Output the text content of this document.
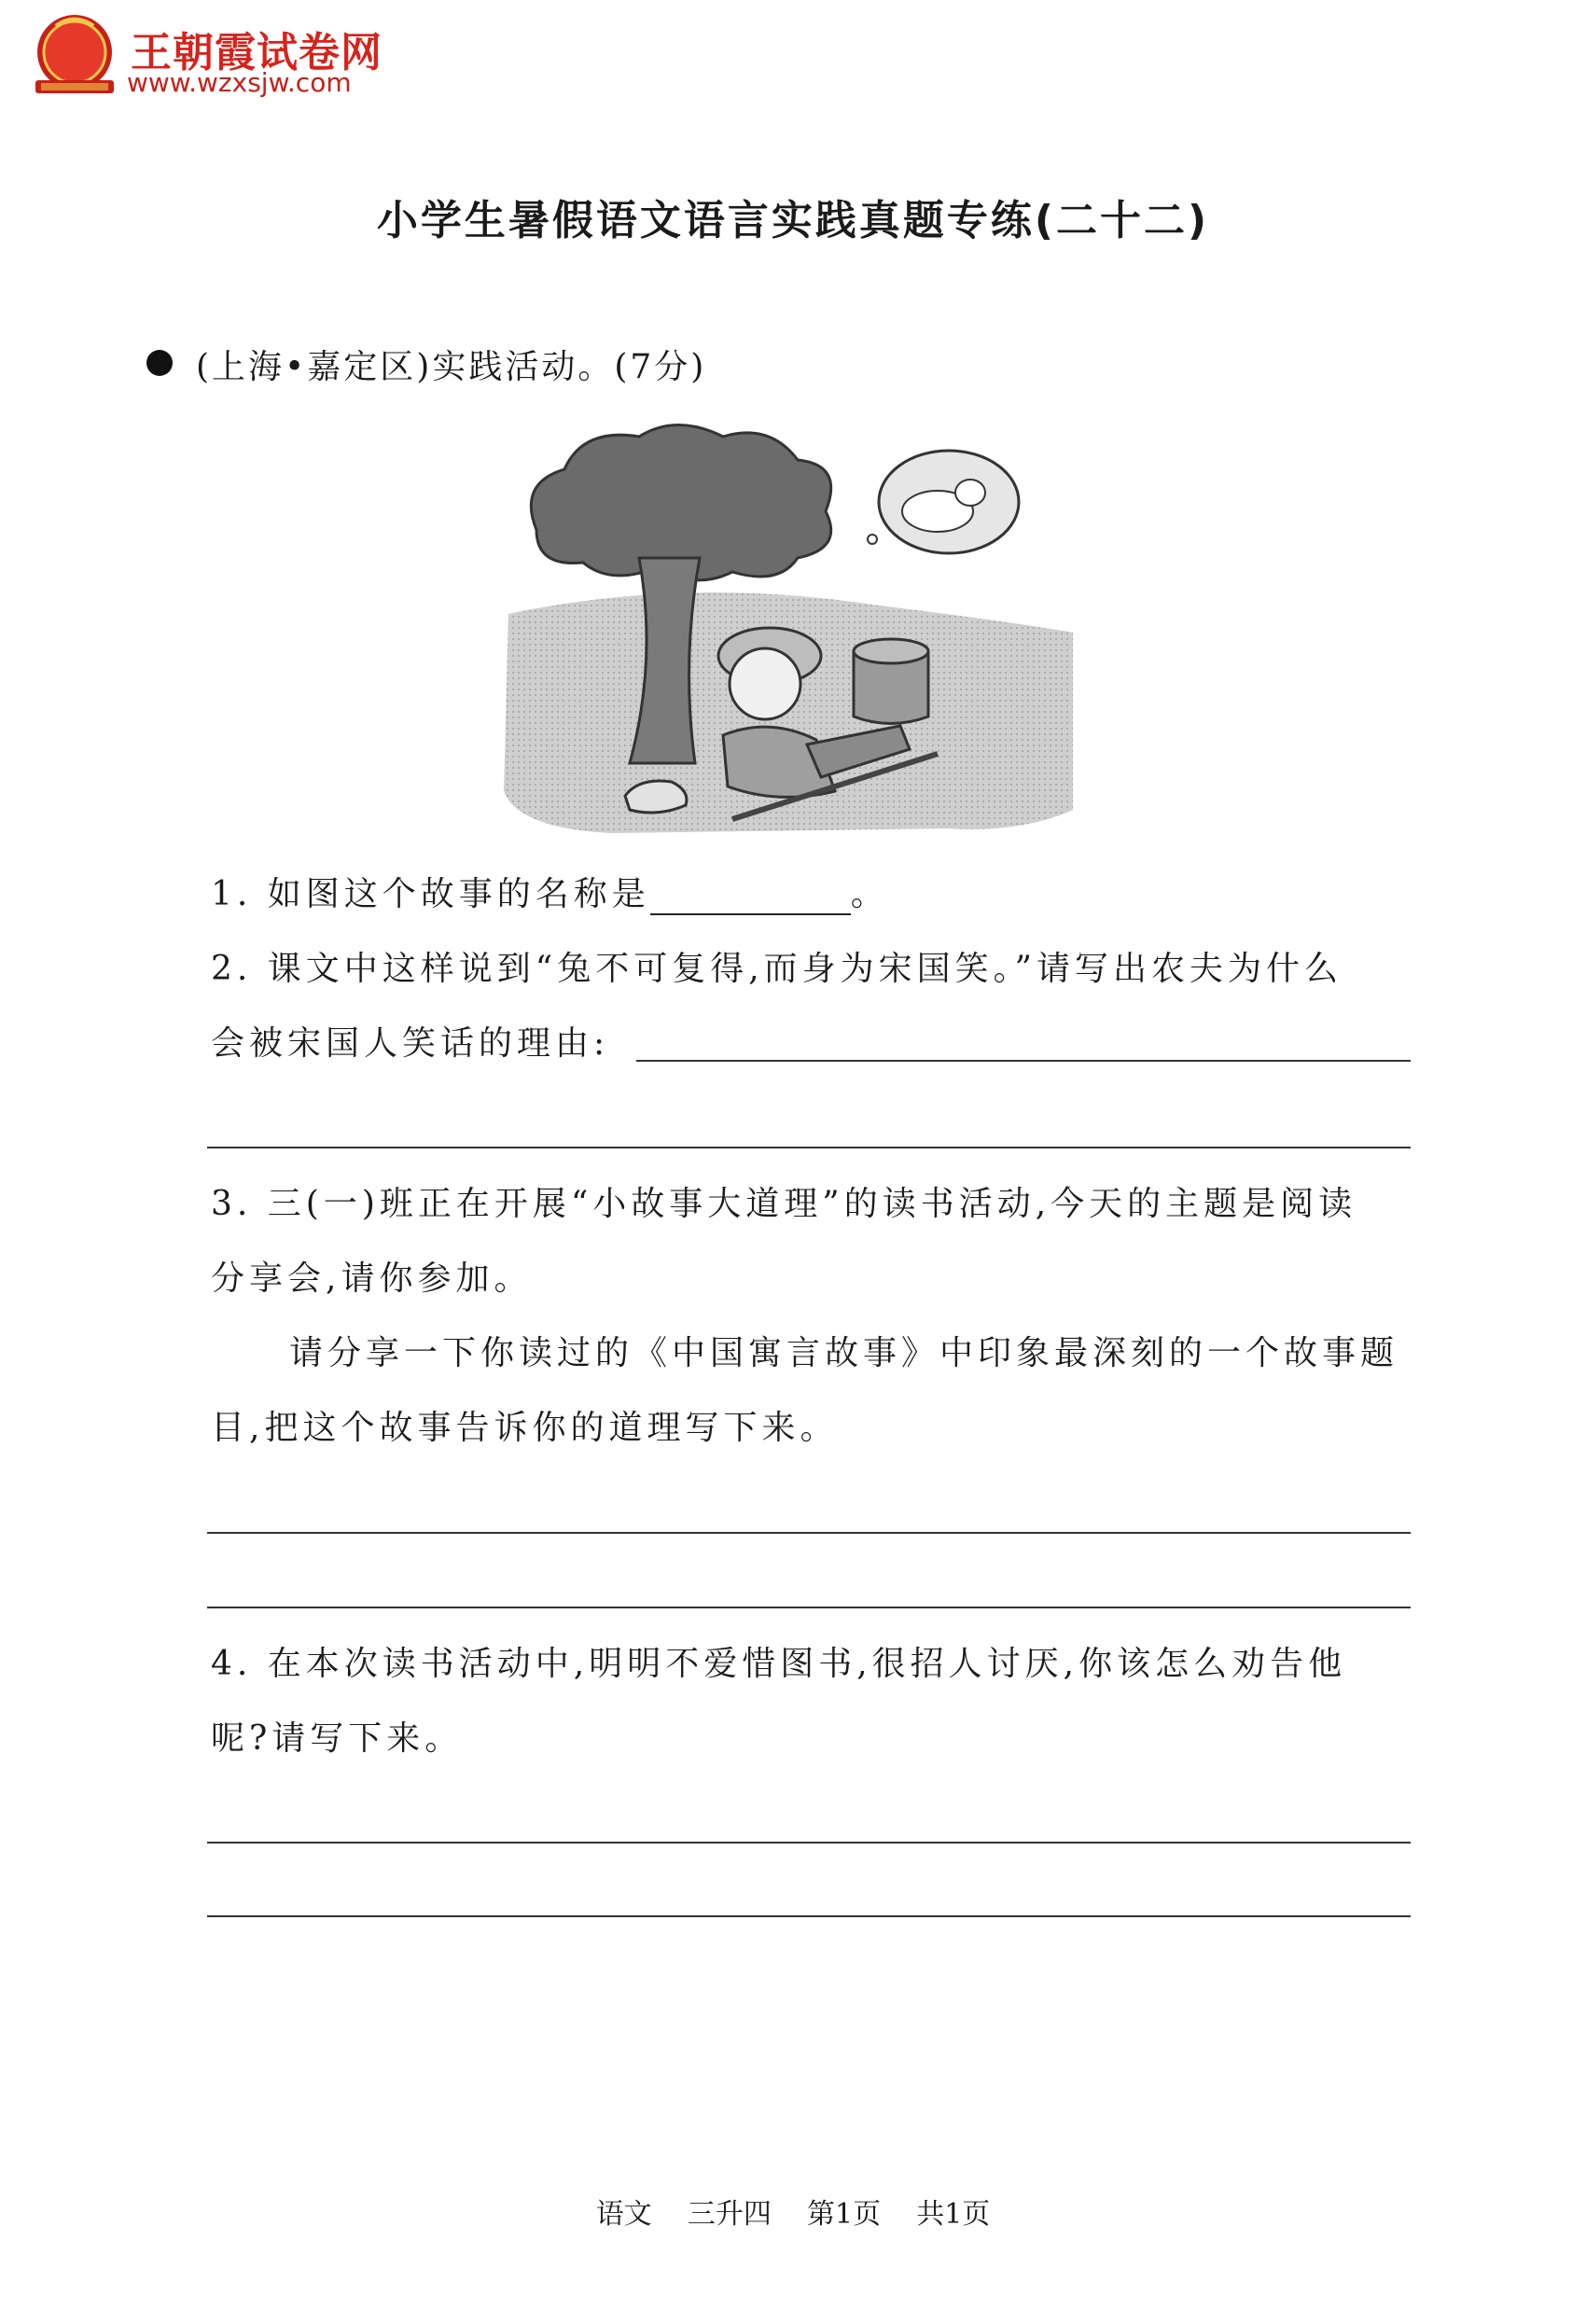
王朝霞试卷网
www.wzxsjw.com
小学生暑假语文语言实践真题专练(二十二)
(上海•嘉定区)实践活动。(7分)
1. 如图这个故事的名称是	。
2. 课文中这样说到“兔不可复得,而身为宋国笑。”请写出农夫为什么
会被宋国人笑话的理由:
3. 三(一)班正在开展“小故事大道理”的读书活动,今天的主题是阅读
分享会,请你参加。
请分享一下你读过的《中国寓言故事》中印象最深刻的一个故事题
目,把这个故事告诉你的道理写下来。
4. 在本次读书活动中,明明不爱惜图书,很招人讨厌,你该怎么劝告他
呢?请写下来。
语文    三升四    第1页    共1页
